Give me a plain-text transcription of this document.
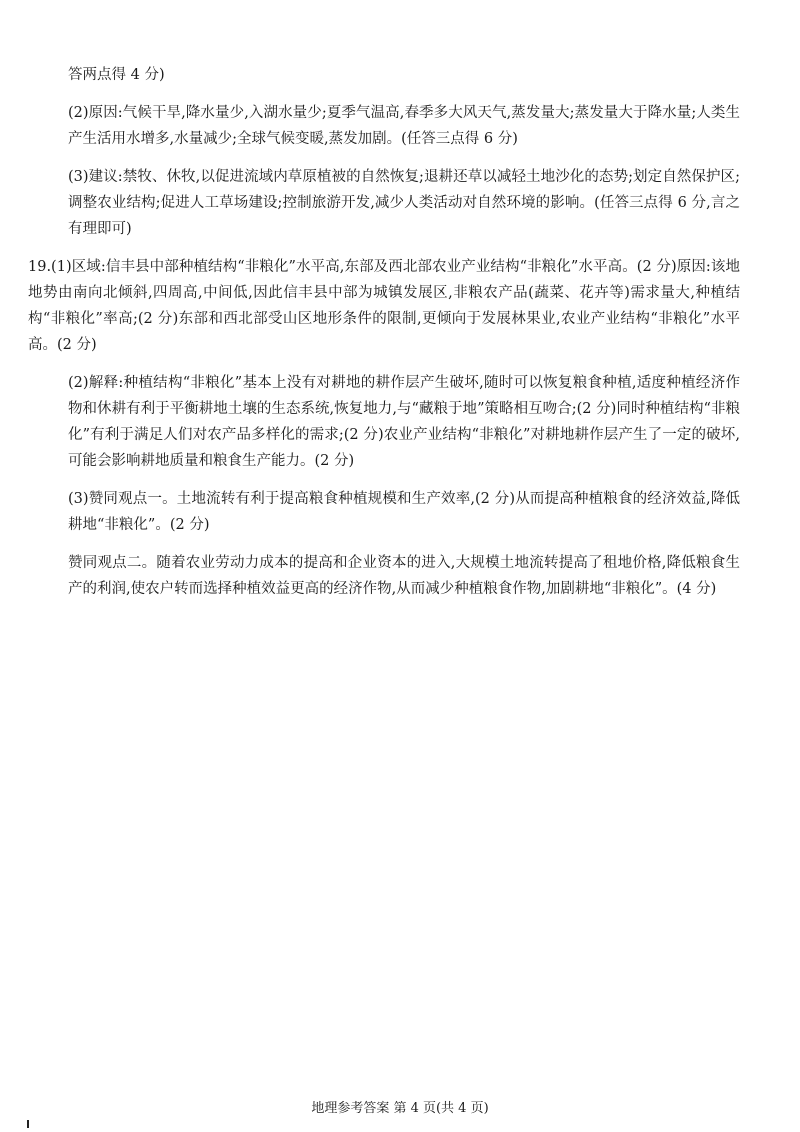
答两点得 4 分)

(2)原因:气候干旱,降水量少,入湖水量少;夏季气温高,春季多大风天气,蒸发量大;蒸发量大于降水量;人类生产生活用水增多,水量减少;全球气候变暖,蒸发加剧。(任答三点得 6 分)

(3)建议:禁牧、休牧,以促进流域内草原植被的自然恢复;退耕还草以减轻土地沙化的态势;划定自然保护区;调整农业结构;促进人工草场建设;控制旅游开发,减少人类活动对自然环境的影响。(任答三点得 6 分,言之有理即可)

19.(1)区域:信丰县中部种植结构“非粮化”水平高,东部及西北部农业产业结构“非粮化”水平高。(2 分)原因:该地地势由南向北倾斜,四周高,中间低,因此信丰县中部为城镇发展区,非粮农产品(蔬菜、花卉等)需求量大,种植结构“非粮化”率高;(2 分)东部和西北部受山区地形条件的限制,更倾向于发展林果业,农业产业结构“非粮化”水平高。(2 分)

(2)解释:种植结构“非粮化”基本上没有对耕地的耕作层产生破坏,随时可以恢复粮食种植,适度种植经济作物和休耕有利于平衡耕地土壤的生态系统,恢复地力,与“藏粮于地”策略相互吻合;(2 分)同时种植结构“非粮化”有利于满足人们对农产品多样化的需求;(2 分)农业产业结构“非粮化”对耕地耕作层产生了一定的破坏,可能会影响耕地质量和粮食生产能力。(2 分)

(3)赞同观点一。土地流转有利于提高粮食种植规模和生产效率,(2 分)从而提高种植粮食的经济效益,降低耕地“非粮化”。(2 分)

赞同观点二。随着农业劳动力成本的提高和企业资本的进入,大规模土地流转提高了租地价格,降低粮食生产的利润,使农户转而选择种植效益更高的经济作物,从而减少种植粮食作物,加剧耕地“非粮化”。(4 分)

地理参考答案 第 4 页(共 4 页)
